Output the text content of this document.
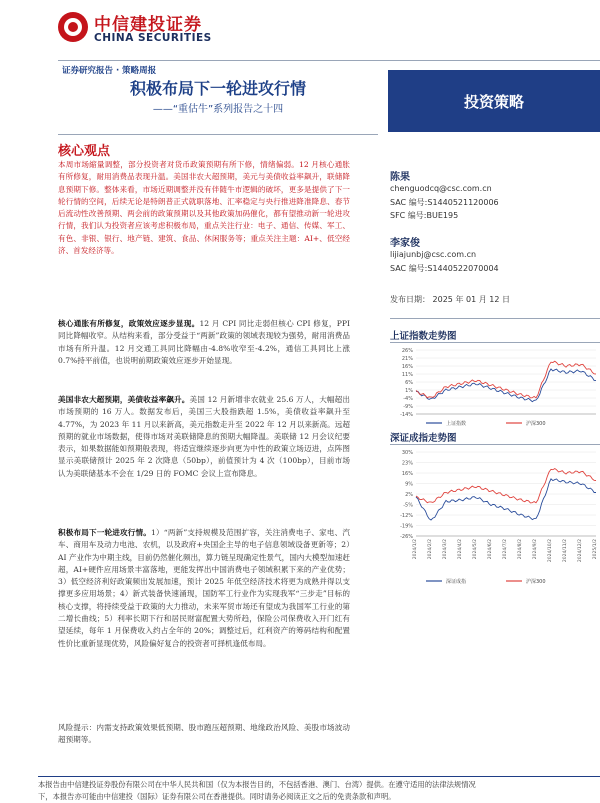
中信建投证券
CHINA SECURITIES
证券研究报告 · 策略周报
积极布局下一轮进攻行情
——“重估牛”系列报告之十四	投资策略
核心观点
本周市场縮量调整，部分投资者对货币政策预期有所下修，情绪偏弱。12 月核心通胀有所修复，耐用消费品表现升温。美国非农大超预期，美元与美债收益率飙升，联储降息预期下修。整体来看，市场近期调整并没有伴随牛市逻辑的破坏，更多是提供了下一轮行情的空间，后续无论是特朗普正式就职落地、汇率稳定与央行推进降准降息、春节后流动性改善预期、两会前的政策预期以及其他政策加码催化，都有望推动新一轮进攻行情，我们认为投资者应该考虑积极布局，重点关注行业：电子、通信、传媒、军工、有色、非银、银行、地产链、建筑、食品、休闲服务等；重点关注主题：AI+、低空经济、首发经济等。
核心通胀有所修复，政策效应逐步显现。12 月 CPI 同比走弱但核心 CPI 修复，PPI 同比降幅收窄。从结构来看，部分受益于“两新”政策的领域表现较为强势，耐用消费品市场有所升温。12 月交通工具同比降幅由-4.8%收窄至-4.2%，通信工具同比上涨 0.7%持平前值，也说明前期政策效应逐步开始显现。
美国非农大超预期，美债收益率飙升。美国 12 月新增非农就业 25.6 万人，大幅超出市场预期的 16 万人。数据发布后，美国三大股指跌超 1.5%，美债收益率飙升至 4.77%，为 2023 年 11 月以来新高，美元指数走升至 2022 年 12 月以来新高。远超预期的就业市场数据，使得市场对美联储降息的预期大幅降温。美联储 12 月会议纪要表示，如果数据能如预期般表现，将适宜继续逐步向更为中性的政策立场迈进，点阵图显示美联储预计 2025 年 2 次降息（50bp），前值预计为 4 次（100bp），目前市场认为美联储基本不会在 1/29 日的 FOMC 会议上宣布降息。
积极布局下一轮进攻行情。1）“两新”支持规模及范围扩容，关注消费电子、家电、汽车、商用车及动力电池、农机，以及政府+央国企主导的电子信息领域设备更新等；2）AI 产业作为中期主线，目前仍然催化频出，算力链呈现确定性景气，国内大模型加速赶超，AI+硬件应用场景丰富落地，更能发挥出中国消费电子领域积累下来的产业优势；3）低空经济利好政策频出发展加速，预计 2025 年低空经济技术将更为成熟并得以支撑更多应用场景；4）新式装备快速涌现，国防军工行业作为实现我军“三步走”目标的核心支撑，将持续受益于政策的大力推动，未来军贸市场还有望成为我国军工行业的第二增长曲线；5）利率长期下行和居民财富配置大势所趋，保险公司保费收入开门红有望延续，每年 1 月保费收入约占全年的 20%；调整过后，红利资产的筹码结构和配置性价比重新显现优势，风险偏好复合的投资者可择机逢低布局。
风险提示：内需支持政策效果低预期、股市跑压超预期、地缘政治风险、美股市场波动超预期等。
陈果
chenguodcq@csc.com.cn
SAC 编号:S1440521120006
SFC 编号:BUE195
李家俊
lijiajunbj@csc.com.cn
SAC 编号:S1440522070004
发布日期： 2025 年 01 月 12 日
上证指数走势图
26%
21%
16%
11%
6%
1%
-4%
-9%
-14%
上证指数	沪深300
深证成指走势图
30%
23%
16%
9%
2%
-5%
-12%
-19%
-26%
2024/1/2 2024/2/2 2024/3/2 2024/4/2 2024/5/2 2024/6/2 2024/7/2 2024/8/2 2024/9/2 2024/10/2 2024/11/2 2024/12/2 2025/1/2
深证成指	沪深300
本报告由中信建投证券股份有限公司在中华人民共和国（仅为本报告目的，不包括香港、澳门、台湾）提供。在遵守适用的法律法规情况
下，本报告亦可能由中信建投（国际）证券有限公司在香港提供。同时请务必阅读正文之后的免责条款和声明。
